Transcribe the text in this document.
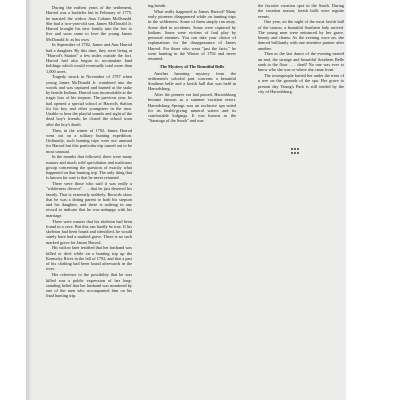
During the earliest years of the settlement, Harrod was a bachelor but in February of 1775, he married the widow Ann Coburn McDonald. She had a two-year-old son, James McDonald Jr. Harrod brought his new family into the fort to live and soon came to love the young James McDonald Jr. as his own.

In September of 1782, James and Ann Harrod had a daughter. By this time, they were living at "Harrod's Station" a few miles outside the fort. Harrod had also begun to accumulate land holdings which would eventually total more than 1,000 acres.

Tragedy struck in November of 1787 when young James McDonald Jr. wandered into the woods and was captured and burned at the stake by hostile Indians. Harrod was inconsolable at the tragic loss of his stepson. The previous year, he had opened a special school at Harrod's Station for his boy and other youngsters in the area. Unable to bear the playful sounds and sight of the dead boy's friends, he closed the school soon after the boy's death.

Then, in the winter of 1792, James Harrod went out on a solitary hunting expedition. Ordinarily, such hunting trips were not unusual for Harrod but this particular trip turned out to be most unusual.

In the months that followed, there were many rumors and much wild speculation and malicious gossip concerning the question of exactly what happened on that hunting trip. The only thing that is known for sure is that he never returned.

There were those who said it was really a "wilderness divorce" . . . that he just deserted his family. That is extremely unlikely. Records show that he was a doting parent to both his stepson and his daughter, and there is nothing in any record to indicate that he was unhappy with his marriage.

There were rumors that his skeleton had been found in a cave. But this can hardly be true. If his skeleton had been found and identified, he would surely have had a marked grave. There is no such marked grave for James Harrod.

His widow later testified that her husband was killed or died while on a hunting trip up the Kentucky River in the fall of 1792, and that a part of his clothing had been found afterwards in the river.

Her reference to the possibility that he was killed was a public expression of her long-standing belief that her husband was murdered by one of the men who accompanied him on his final hunting trip.

ing breath.

What really happened to James Harrod? Many early pioneers disappeared while on hunting trips in the wilderness. Some of them simply ran away. Some died in accidents. Some were captured by Indians. Some were victims of foul play by personal enemies. You can take your choice of explanations for the disappearance of James Harrod. For those who want "just the facts," he went hunting in the Winter of 1792 and never returned.

The Mystery of The Beautiful Belle

Another haunting mystery from the settlement's colorful past concerns a beautiful Southern belle and a lavish ball that was held in Harrodsburg.

After the pioneer era had passed, Harrodsburg became famous as a summer vacation resort. Harrodsburg Springs was an exclusive spa noted for its health-giving mineral waters and its comfortable lodgings. It was known as the "Saratoga of the South" and was

the favorite vacation spot in the South. During the vacation season, lavish balls were regular events.

One year, on the night of the most lavish ball of the season, a beautiful Southern lady arrived. The young men were entranced by her grace, beauty and charm. As the evening wore on, she danced brilliantly with one attentive partner after another.

Then as the last dance of the evening neared an end, the strange and beautiful Southern Belle sank to the floor . . . dead! No one was ever to know who she was or where she came from.

The townspeople buried her under the trees of a tree on the grounds of the spa. Her grave to present day Young's Park is still tended by the city of Harrodsburg.
